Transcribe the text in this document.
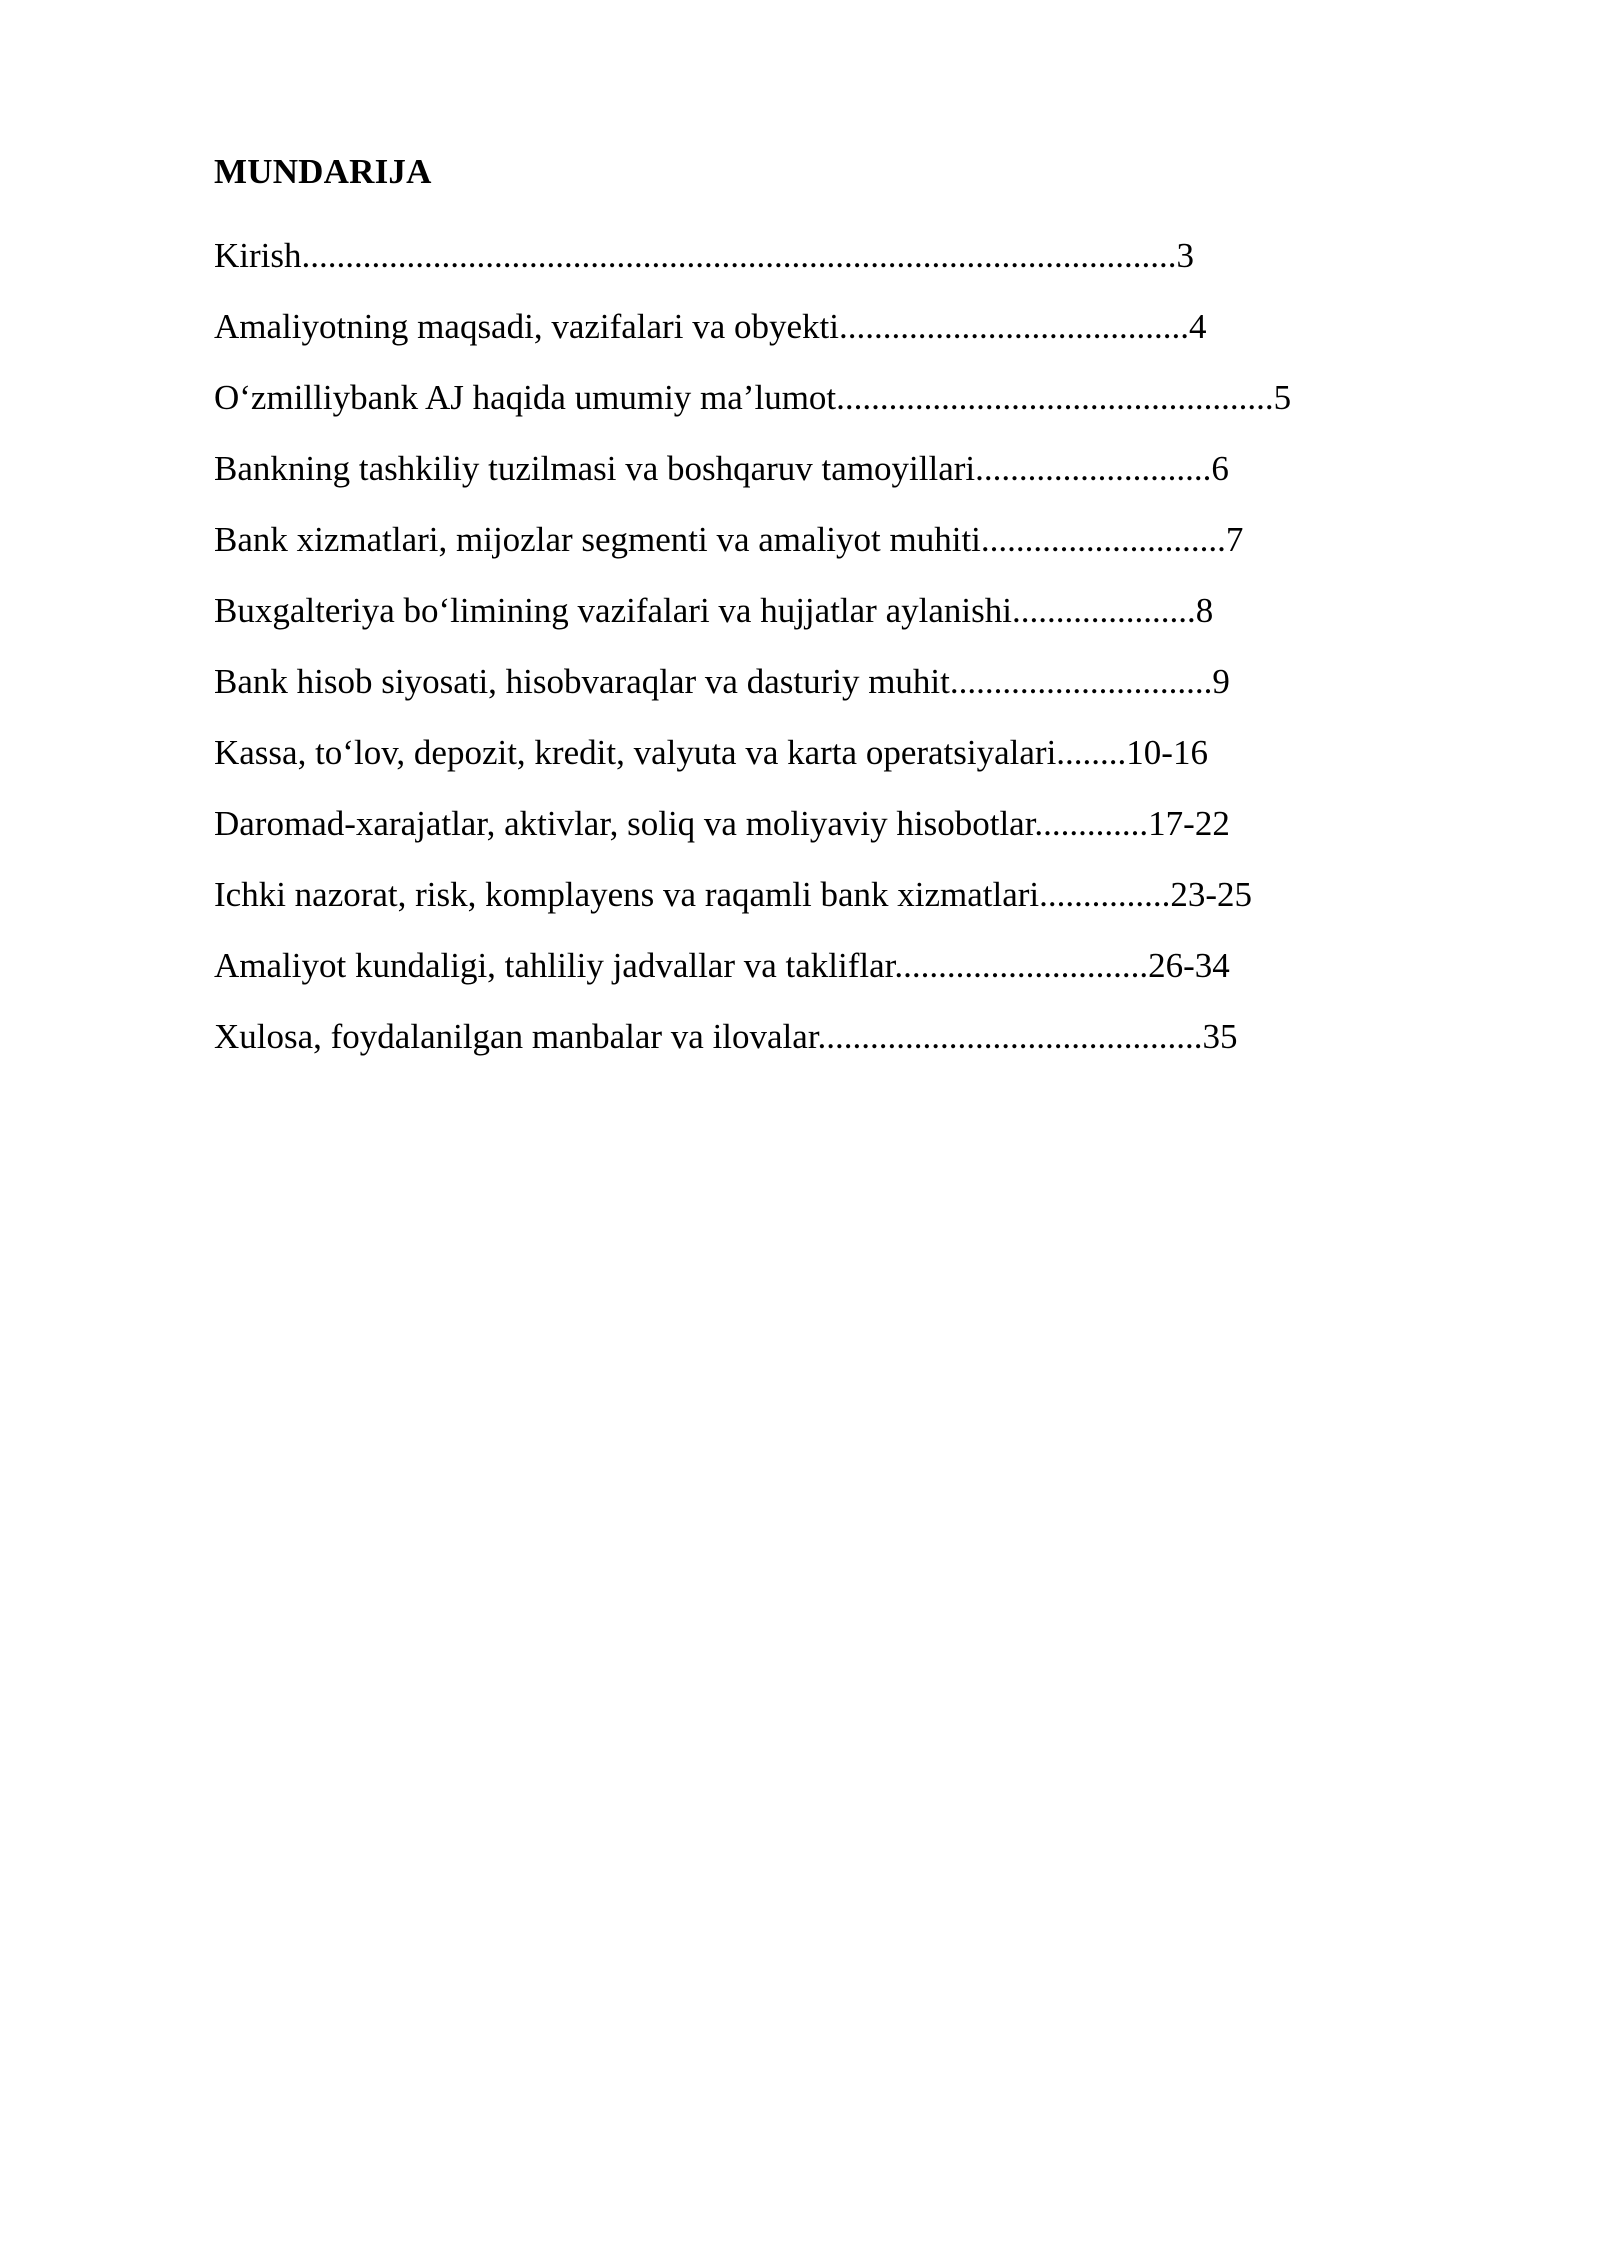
MUNDARIJA
Kirish....................................................................................................3
Amaliyotning maqsadi, vazifalari va obyekti........................................4
O‘zmilliybank AJ haqida umumiy ma’lumot..................................................5
Bankning tashkiliy tuzilmasi va boshqaruv tamoyillari...........................6
Bank xizmatlari, mijozlar segmenti va amaliyot muhiti............................7
Buxgalteriya bo‘limining vazifalari va hujjatlar aylanishi.....................8
Bank hisob siyosati, hisobvaraqlar va dasturiy muhit..............................9
Kassa, to‘lov, depozit, kredit, valyuta va karta operatsiyalari........10-16
Daromad-xarajatlar, aktivlar, soliq va moliyaviy hisobotlar.............17-22
Ichki nazorat, risk, komplayens va raqamli bank xizmatlari...............23-25
Amaliyot kundaligi, tahliliy jadvallar va takliflar.............................26-34
Xulosa, foydalanilgan manbalar va ilovalar............................................35
